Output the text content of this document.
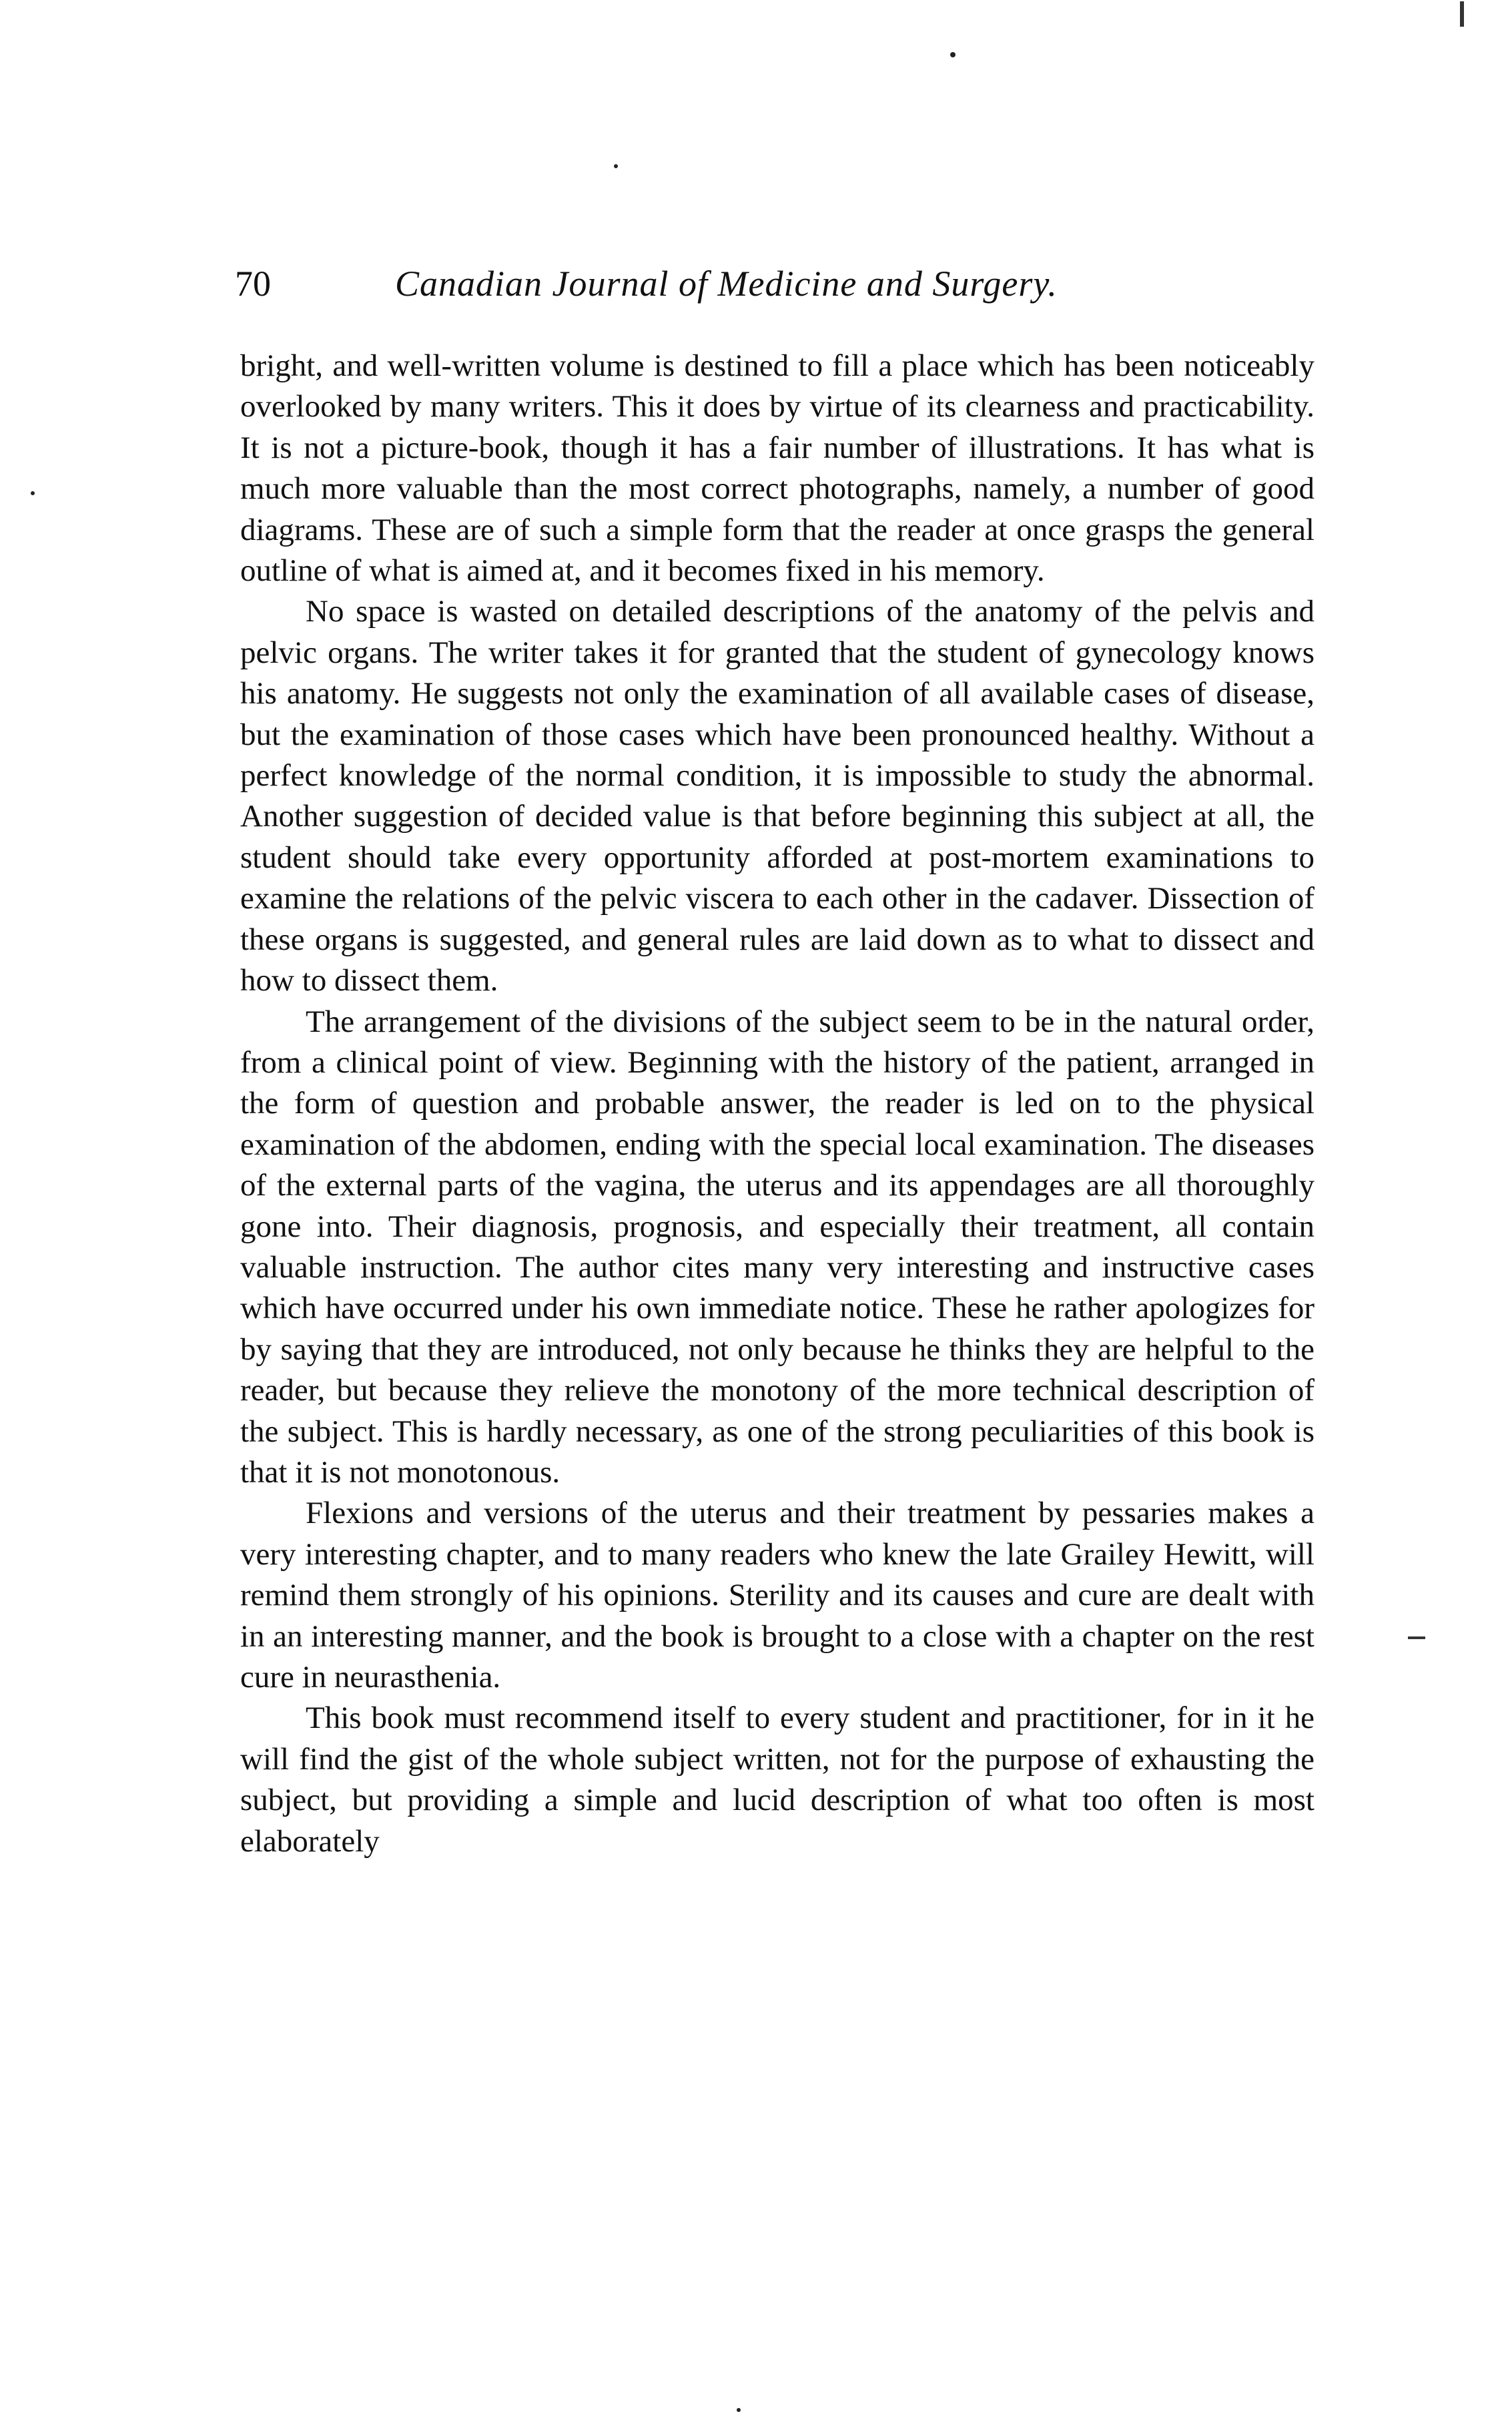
70	Canadian Journal of Medicine and Surgery.

bright, and well-written volume is destined to fill a place which has been noticeably overlooked by many writers. This it does by virtue of its clearness and practicability. It is not a picture-book, though it has a fair number of illustrations. It has what is much more valuable than the most correct photographs, namely, a number of good diagrams. These are of such a simple form that the reader at once grasps the general outline of what is aimed at, and it becomes fixed in his memory.

No space is wasted on detailed descriptions of the anatomy of the pelvis and pelvic organs. The writer takes it for granted that the student of gynecology knows his anatomy. He suggests not only the examination of all available cases of disease, but the examination of those cases which have been pronounced healthy. Without a perfect knowledge of the normal condition, it is impossible to study the abnormal. Another suggestion of decided value is that before beginning this subject at all, the student should take every opportunity afforded at post-mortem examinations to examine the relations of the pelvic viscera to each other in the cadaver. Dissection of these organs is suggested, and general rules are laid down as to what to dissect and how to dissect them.

The arrangement of the divisions of the subject seem to be in the natural order, from a clinical point of view. Beginning with the history of the patient, arranged in the form of question and probable answer, the reader is led on to the physical examination of the abdomen, ending with the special local examination. The diseases of the external parts of the vagina, the uterus and its appendages are all thoroughly gone into. Their diagnosis, prognosis, and especially their treatment, all contain valuable instruction. The author cites many very interesting and instructive cases which have occurred under his own immediate notice. These he rather apologizes for by saying that they are introduced, not only because he thinks they are helpful to the reader, but because they relieve the monotony of the more technical description of the subject. This is hardly necessary, as one of the strong peculiarities of this book is that it is not monotonous.

Flexions and versions of the uterus and their treatment by pessaries makes a very interesting chapter, and to many readers who knew the late Grailey Hewitt, will remind them strongly of his opinions. Sterility and its causes and cure are dealt with in an interesting manner, and the book is brought to a close with a chapter on the rest cure in neurasthenia.

This book must recommend itself to every student and practitioner, for in it he will find the gist of the whole subject written, not for the purpose of exhausting the subject, but providing a simple and lucid description of what too often is most elaborately
